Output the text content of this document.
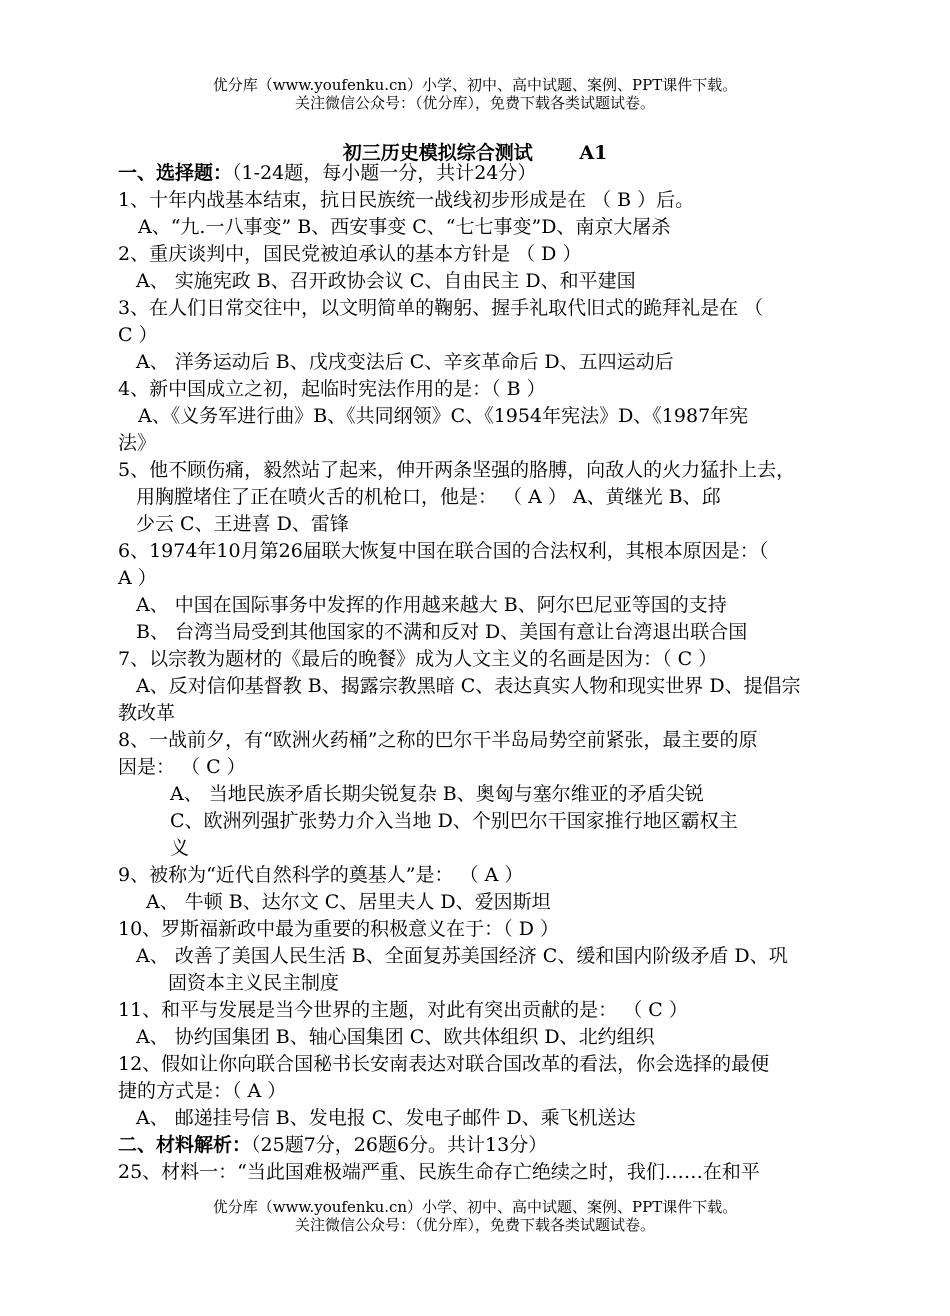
优分库（www.youfenku.cn）小学、初中、高中试题、案例、PPT课件下载。
关注微信公众号：（优分库），免费下载各类试题试卷。
初三历史模拟综合测试 A1
一、选择题：（1-24题，每小题一分，共计24分）
1、十年内战基本结束，抗日民族统一战线初步形成是在 （ B ）后。
A、“九.一八事变” B、西安事变 C、“七七事变”D、南京大屠杀
2、重庆谈判中，国民党被迫承认的基本方针是 （ D ）
A、 实施宪政 B、召开政协会议 C、自由民主 D、和平建国
3、在人们日常交往中，以文明简单的鞠躬、握手礼取代旧式的跪拜礼是在 （
C ）
A、 洋务运动后 B、戊戌变法后 C、辛亥革命后 D、五四运动后
4、新中国成立之初，起临时宪法作用的是：（ B ）
A、《义务军进行曲》B、《共同纲领》C、《1954年宪法》D、《1987年宪
法》
5、他不顾伤痛，毅然站了起来，伸开两条坚强的胳膊，向敌人的火力猛扑上去，
用胸膛堵住了正在喷火舌的机枪口，他是： （ A ） A、黄继光 B、邱
少云 C、王进喜 D、雷锋
6、1974年10月第26届联大恢复中国在联合国的合法权利，其根本原因是：（
A ）
A、 中国在国际事务中发挥的作用越来越大 B、阿尔巴尼亚等国的支持
B、 台湾当局受到其他国家的不满和反对 D、美国有意让台湾退出联合国
7、以宗教为题材的《最后的晚餐》成为人文主义的名画是因为：（ C ）
A、反对信仰基督教 B、揭露宗教黑暗 C、表达真实人物和现实世界 D、提倡宗
教改革
8、一战前夕，有“欧洲火药桶”之称的巴尔干半岛局势空前紧张，最主要的原
因是： （ C ）
A、 当地民族矛盾长期尖锐复杂 B、奥匈与塞尔维亚的矛盾尖锐
C、欧洲列强扩张势力介入当地 D、个别巴尔干国家推行地区霸权主
义
9、被称为“近代自然科学的奠基人”是： （ A ）
A、 牛顿 B、达尔文 C、居里夫人 D、爱因斯坦
10、罗斯福新政中最为重要的积极意义在于：（ D ）
A、 改善了美国人民生活 B、全面复苏美国经济 C、缓和国内阶级矛盾 D、巩
固资本主义民主制度
11、和平与发展是当今世界的主题，对此有突出贡献的是： （ C ）
A、 协约国集团 B、轴心国集团 C、欧共体组织 D、北约组织
12、假如让你向联合国秘书长安南表达对联合国改革的看法，你会选择的最便
捷的方式是：（ A ）
A、 邮递挂号信 B、发电报 C、发电子邮件 D、乘飞机送达
二、材料解析：（25题7分，26题6分。共计13分）
25、材料一：“当此国难极端严重、民族生命存亡绝续之时，我们……在和平
优分库（www.youfenku.cn）小学、初中、高中试题、案例、PPT课件下载。
关注微信公众号：（优分库），免费下载各类试题试卷。
